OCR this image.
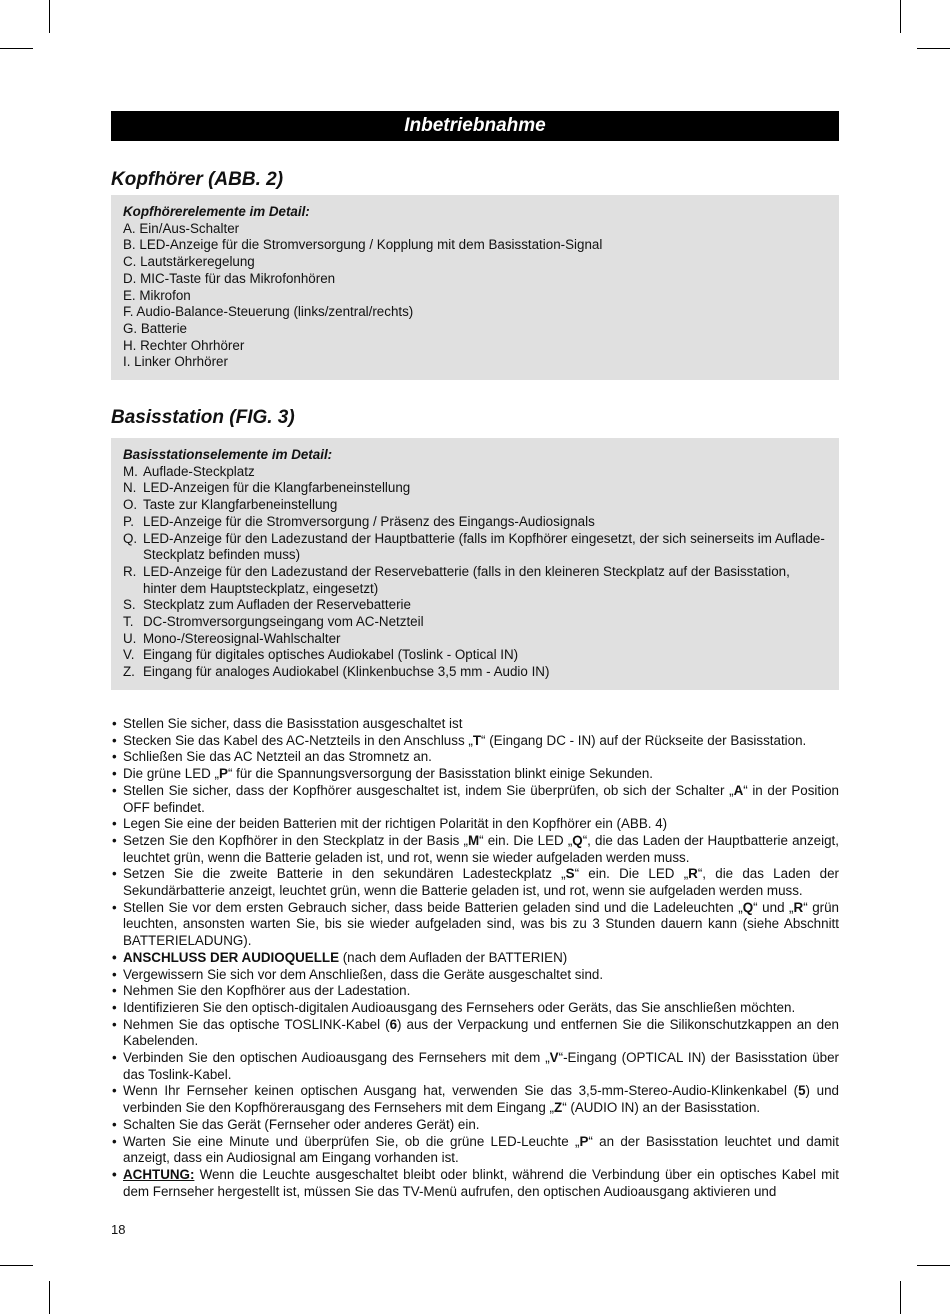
Inbetriebnahme
Kopfhörer (ABB. 2)
Kopfhörerelemente im Detail:
A. Ein/Aus-Schalter
B. LED-Anzeige für die Stromversorgung / Kopplung mit dem Basisstation-Signal
C. Lautstärkeregelung
D. MIC-Taste für das Mikrofonhören
E. Mikrofon
F. Audio-Balance-Steuerung (links/zentral/rechts)
G. Batterie
H. Rechter Ohrhörer
I. Linker Ohrhörer
Basisstation (FIG. 3)
Basisstationselemente im Detail:
M. Auflade-Steckplatz
N. LED-Anzeigen für die Klangfarbeneinstellung
O. Taste zur Klangfarbeneinstellung
P. LED-Anzeige für die Stromversorgung / Präsenz des Eingangs-Audiosignals
Q. LED-Anzeige für den Ladezustand der Hauptbatterie (falls im Kopfhörer eingesetzt, der sich seinerseits im Auflade-Steckplatz befinden muss)
R. LED-Anzeige für den Ladezustand der Reservebatterie (falls in den kleineren Steckplatz auf der Basisstation, hinter dem Hauptsteckplatz, eingesetzt)
S. Steckplatz zum Aufladen der Reservebatterie
T. DC-Stromversorgungseingang vom AC-Netzteil
U. Mono-/Stereosignal-Wahlschalter
V. Eingang für digitales optisches Audiokabel (Toslink - Optical IN)
Z. Eingang für analoges Audiokabel (Klinkenbuchse 3,5 mm - Audio IN)
• Stellen Sie sicher, dass die Basisstation ausgeschaltet ist
• Stecken Sie das Kabel des AC-Netzteils in den Anschluss „T“ (Eingang DC - IN) auf der Rückseite der Basisstation.
• Schließen Sie das AC Netzteil an das Stromnetz an.
• Die grüne LED „P“ für die Spannungsversorgung der Basisstation blinkt einige Sekunden.
• Stellen Sie sicher, dass der Kopfhörer ausgeschaltet ist, indem Sie überprüfen, ob sich der Schalter „A“ in der Position OFF befindet.
• Legen Sie eine der beiden Batterien mit der richtigen Polarität in den Kopfhörer ein (ABB. 4)
• Setzen Sie den Kopfhörer in den Steckplatz in der Basis „M“ ein. Die LED „Q“, die das Laden der Hauptbatterie anzeigt, leuchtet grün, wenn die Batterie geladen ist, und rot, wenn sie wieder aufgeladen werden muss.
• Setzen Sie die zweite Batterie in den sekundären Ladesteckplatz „S“ ein. Die LED „R“, die das Laden der Sekundärbatterie anzeigt, leuchtet grün, wenn die Batterie geladen ist, und rot, wenn sie aufgeladen werden muss.
• Stellen Sie vor dem ersten Gebrauch sicher, dass beide Batterien geladen sind und die Ladeleuchten „Q“ und „R“ grün leuchten, ansonsten warten Sie, bis sie wieder aufgeladen sind, was bis zu 3 Stunden dauern kann (siehe Abschnitt BATTERIELADUNG).
• ANSCHLUSS DER AUDIOQUELLE (nach dem Aufladen der BATTERIEN)
• Vergewissern Sie sich vor dem Anschließen, dass die Geräte ausgeschaltet sind.
• Nehmen Sie den Kopfhörer aus der Ladestation.
• Identifizieren Sie den optisch-digitalen Audioausgang des Fernsehers oder Geräts, das Sie anschließen möchten.
• Nehmen Sie das optische TOSLINK-Kabel (6) aus der Verpackung und entfernen Sie die Silikonschutzkappen an den Kabelenden.
• Verbinden Sie den optischen Audioausgang des Fernsehers mit dem „V“-Eingang (OPTICAL IN) der Basisstation über das Toslink-Kabel.
• Wenn Ihr Fernseher keinen optischen Ausgang hat, verwenden Sie das 3,5-mm-Stereo-Audio-Klinkenkabel (5) und verbinden Sie den Kopfhörerausgang des Fernsehers mit dem Eingang „Z“ (AUDIO IN) an der Basisstation.
• Schalten Sie das Gerät (Fernseher oder anderes Gerät) ein.
• Warten Sie eine Minute und überprüfen Sie, ob die grüne LED-Leuchte „P“ an der Basisstation leuchtet und damit anzeigt, dass ein Audiosignal am Eingang vorhanden ist.
• ACHTUNG: Wenn die Leuchte ausgeschaltet bleibt oder blinkt, während die Verbindung über ein optisches Kabel mit dem Fernseher hergestellt ist, müssen Sie das TV-Menü aufrufen, den optischen Audioausgang aktivieren und
18
